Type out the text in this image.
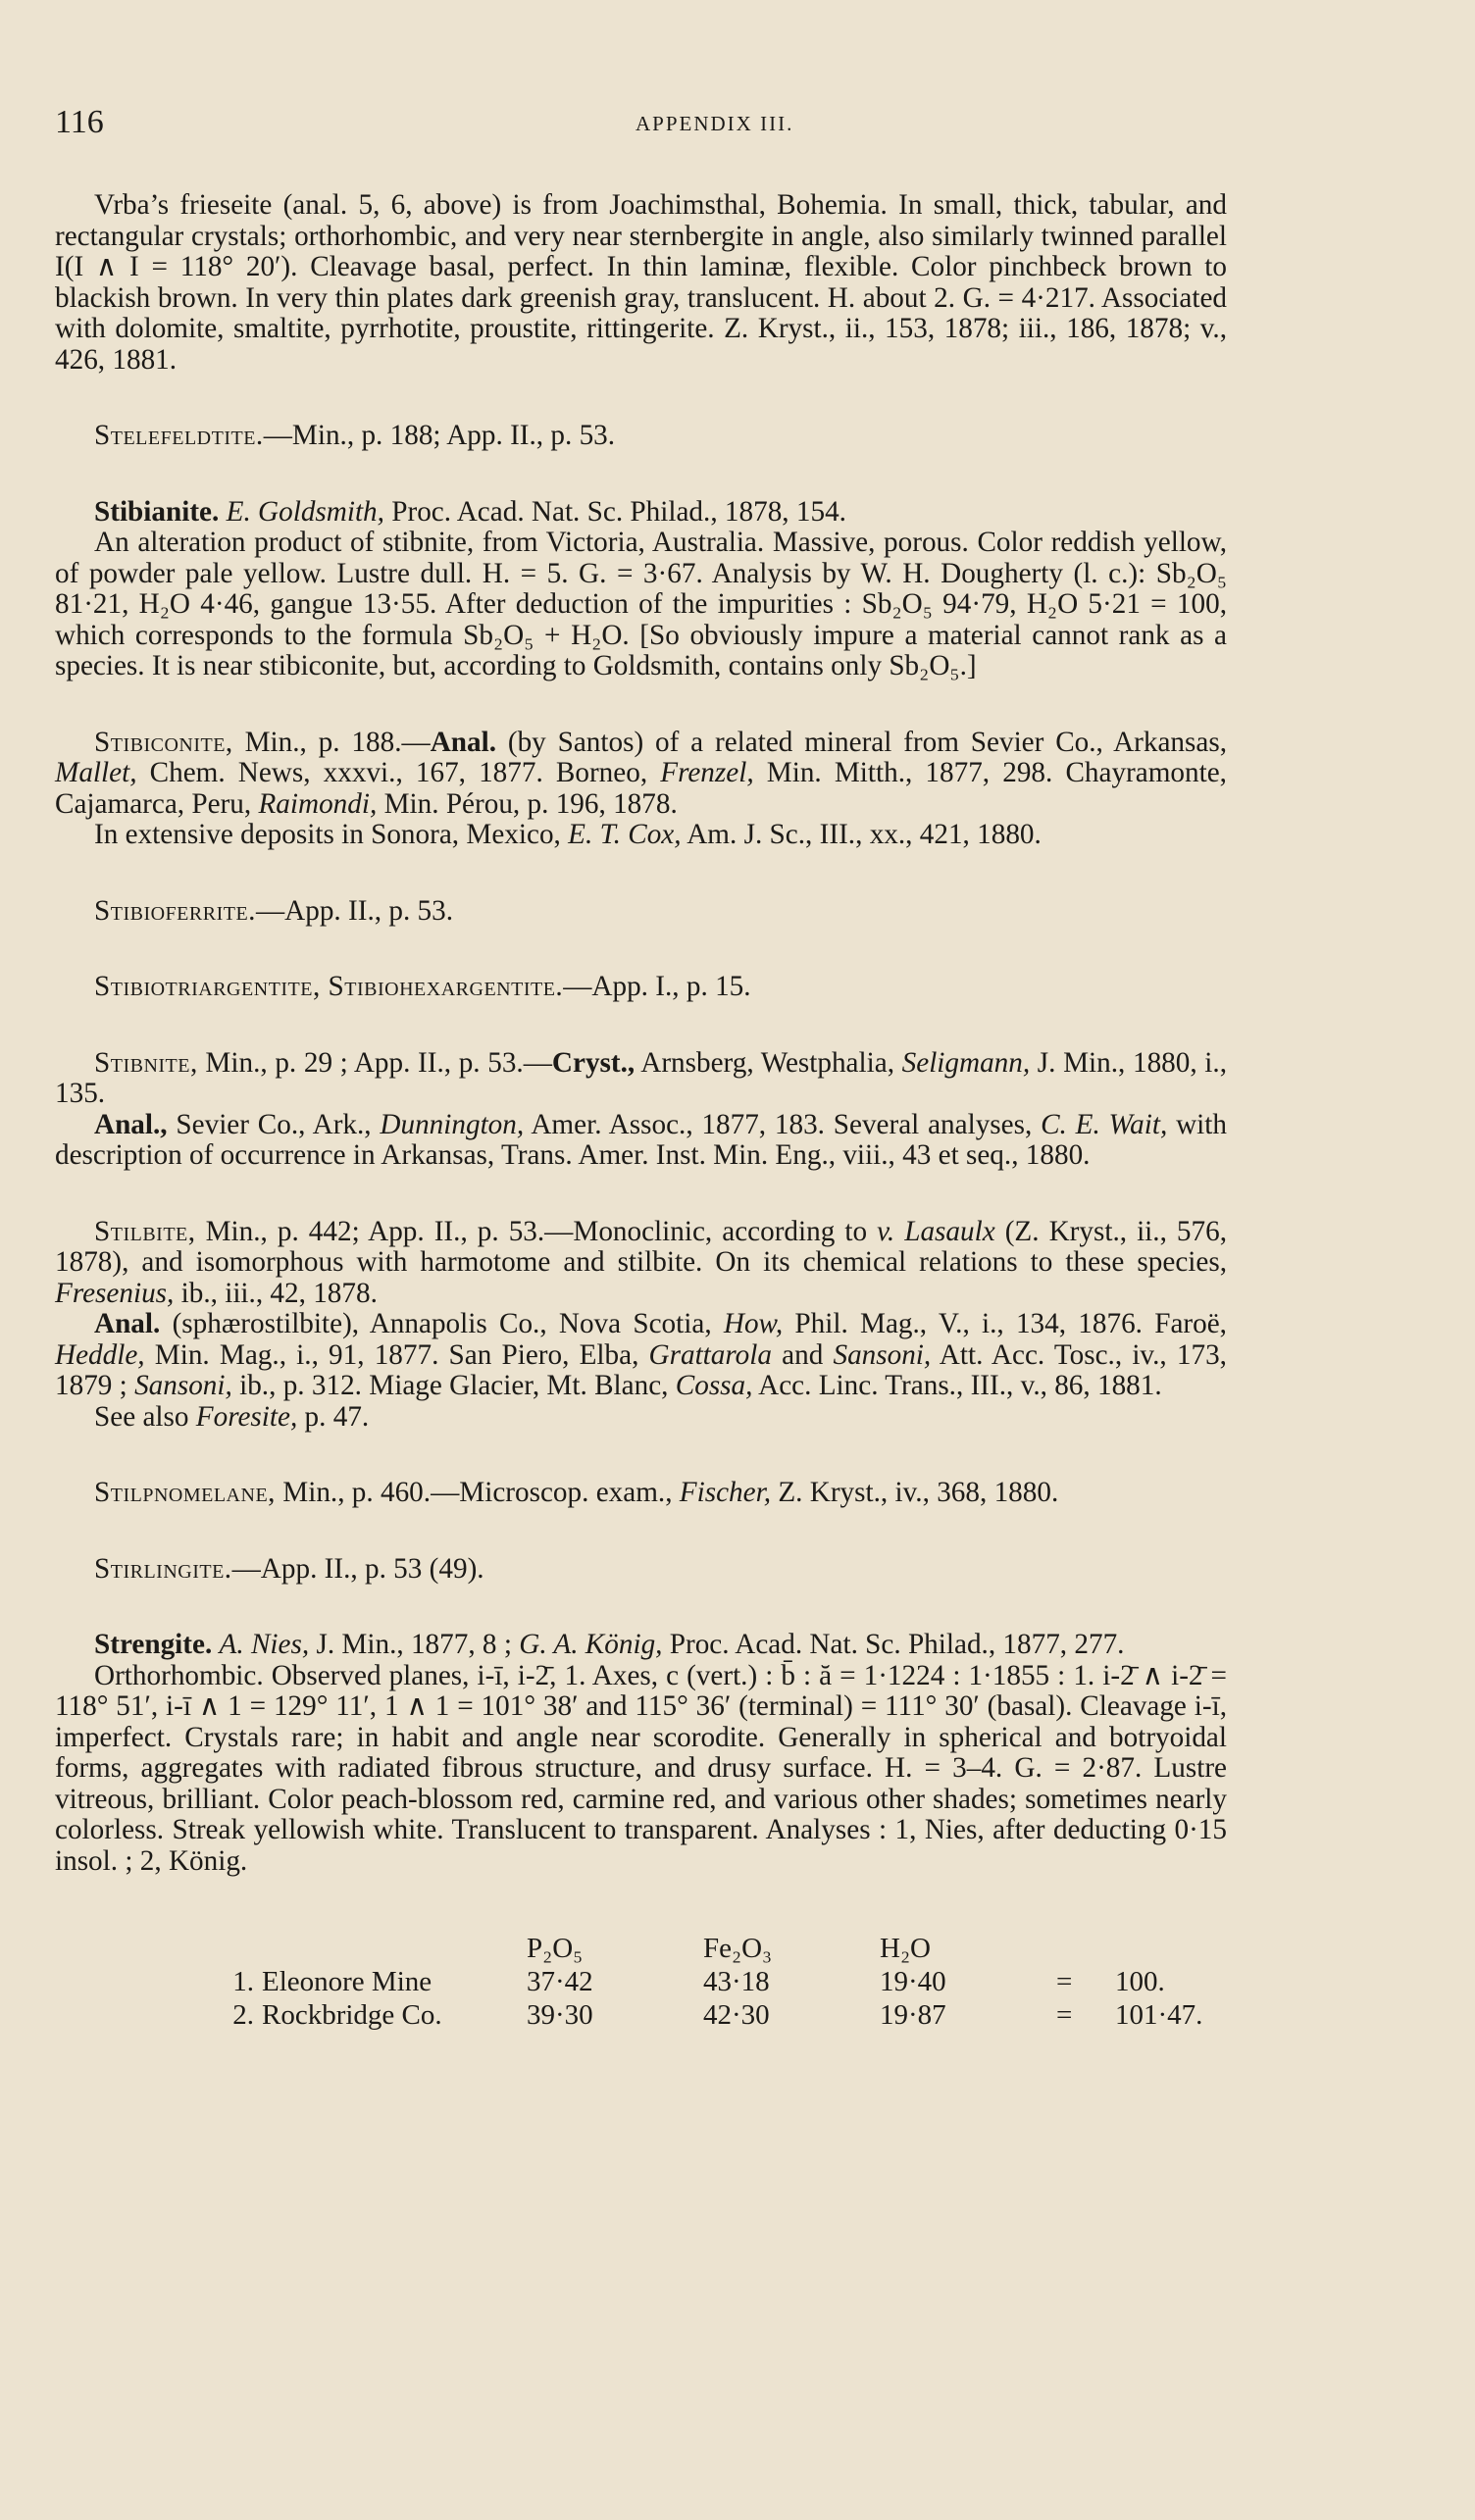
116	APPENDIX III.

Vrba’s frieseite (anal. 5, 6, above) is from Joachimsthal, Bohemia. In small, thick, tabular, and rectangular crystals; orthorhombic, and very near sternbergite in angle, also similarly twinned parallel I(I ∧ I = 118° 20′). Cleavage basal, perfect. In thin laminæ, flexible. Color pinchbeck brown to blackish brown. In very thin plates dark greenish gray, translucent. H. about 2. G. = 4·217. Associated with dolomite, smaltite, pyrrhotite, proustite, rittingerite. Z. Kryst., ii., 153, 1878; iii., 186, 1878; v., 426, 1881.

Stelefeldtite.—Min., p. 188; App. II., p. 53.

Stibianite. E. Goldsmith, Proc. Acad. Nat. Sc. Philad., 1878, 154.

An alteration product of stibnite, from Victoria, Australia. Massive, porous. Color reddish yellow, of powder pale yellow. Lustre dull. H. = 5. G. = 3·67. Analysis by W. H. Dougherty (l. c.): Sb₂O₅ 81·21, H₂O 4·46, gangue 13·55. After deduction of the impurities : Sb₂O₅ 94·79, H₂O 5·21 = 100, which corresponds to the formula Sb₂O₅ + H₂O. [So obviously impure a material cannot rank as a species. It is near stibiconite, but, according to Goldsmith, contains only Sb₂O₅.]

Stibiconite, Min., p. 188.—Anal. (by Santos) of a related mineral from Sevier Co., Arkansas, Mallet, Chem. News, xxxvi., 167, 1877. Borneo, Frenzel, Min. Mitth., 1877, 298. Chayramonte, Cajamarca, Peru, Raimondi, Min. Pérou, p. 196, 1878.

In extensive deposits in Sonora, Mexico, E. T. Cox, Am. J. Sc., III., xx., 421, 1880.

Stibioferrite.—App. II., p. 53.

Stibiotriargentite, Stibiohexargentite.—App. I., p. 15.

Stibnite, Min., p. 29 ; App. II., p. 53.—Cryst., Arnsberg, Westphalia, Seligmann, J. Min., 1880, i., 135.

Anal., Sevier Co., Ark., Dunnington, Amer. Assoc., 1877, 183. Several analyses, C. E. Wait, with description of occurrence in Arkansas, Trans. Amer. Inst. Min. Eng., viii., 43 et seq., 1880.

Stilbite, Min., p. 442; App. II., p. 53.—Monoclinic, according to v. Lasaulx (Z. Kryst., ii., 576, 1878), and isomorphous with harmotome and stilbite. On its chemical relations to these species, Fresenius, ib., iii., 42, 1878.

Anal. (sphærostilbite), Annapolis Co., Nova Scotia, How, Phil. Mag., V., i., 134, 1876. Faroë, Heddle, Min. Mag., i., 91, 1877. San Piero, Elba, Grattarola and Sansoni, Att. Acc. Tosc., iv., 173, 1879 ; Sansoni, ib., p. 312. Miage Glacier, Mt. Blanc, Cossa, Acc. Linc. Trans., III., v., 86, 1881.

See also Foresite, p. 47.

Stilpnomelane, Min., p. 460.—Microscop. exam., Fischer, Z. Kryst., iv., 368, 1880.

Stirlingite.—App. II., p. 53 (49).

Strengite. A. Nies, J. Min., 1877, 8 ; G. A. König, Proc. Acad. Nat. Sc. Philad., 1877, 277.

Orthorhombic. Observed planes, i-ī, i-2̄, 1. Axes, c (vert.) : b̄ : ă = 1·1224 : 1·1855 : 1. i-2̄ ∧ i-2̄ = 118° 51′, i-ī ∧ 1 = 129° 11′, 1 ∧ 1 = 101° 38′ and 115° 36′ (terminal) = 111° 30′ (basal). Cleavage i-ī, imperfect. Crystals rare; in habit and angle near scorodite. Generally in spherical and botryoidal forms, aggregates with radiated fibrous structure, and drusy surface. H. = 3–4. G. = 2·87. Lustre vitreous, brilliant. Color peach-blossom red, carmine red, and various other shades; sometimes nearly colorless. Streak yellowish white. Translucent to transparent. Analyses : 1, Nies, after deducting 0·15 insol. ; 2, König.

		P₂O₅	Fe₂O₃	H₂O		
1.	Eleonore Mine	37·42	43·18	19·40	=	100.
2.	Rockbridge Co.	39·30	42·30	19·87	=	101·47.
